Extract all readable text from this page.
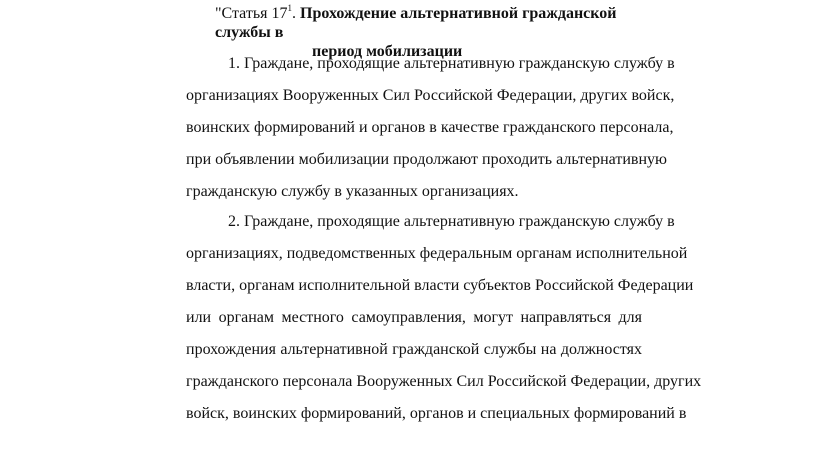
"Статья $17^1$. Прохождение альтернативной гражданской службы в
период мобилизации
1. Граждане, проходящие альтернативную гражданскую службу в
организациях Вооруженных Сил Российской Федерации, других войск,
воинских формирований и органов в качестве гражданского персонала,
при объявлении мобилизации продолжают проходить альтернативную
гражданскую службу в указанных организациях.
2. Граждане, проходящие альтернативную гражданскую службу в
организациях, подведомственных федеральным органам исполнительной
власти, органам исполнительной власти субъектов Российской Федерации
или органам местного самоуправления, могут направляться для
прохождения альтернативной гражданской службы на должностях
гражданского персонала Вооруженных Сил Российской Федерации, других
войск, воинских формирований, органов и специальных формирований в
